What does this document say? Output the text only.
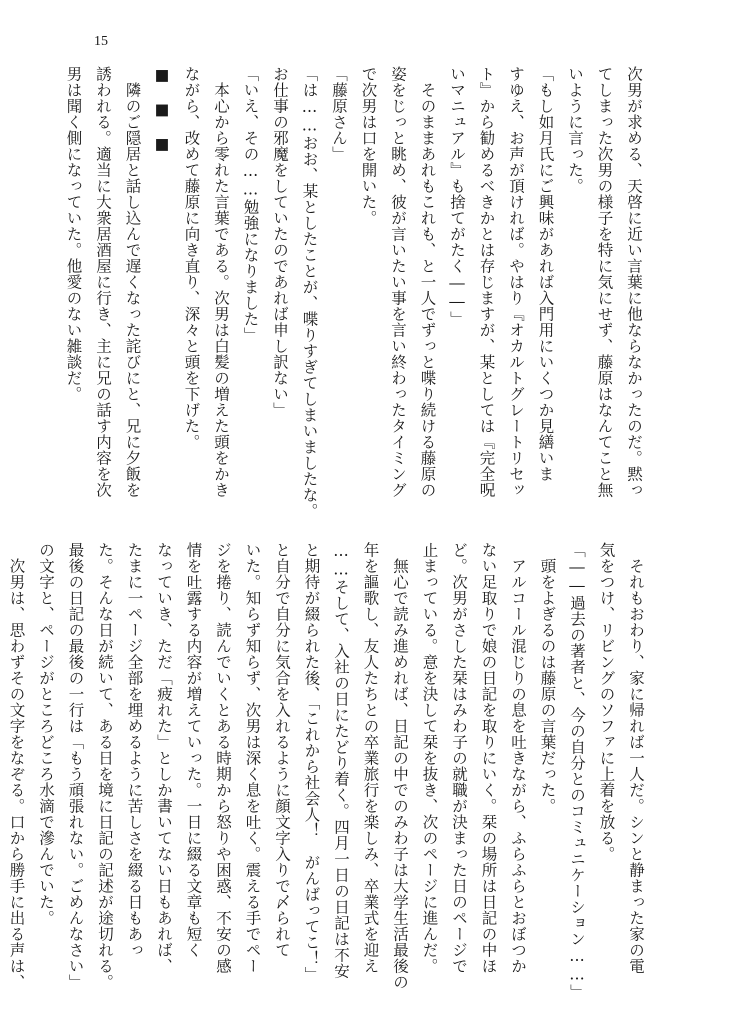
15
次男が求める、天啓に近い言葉に他ならなかったのだ。黙っ
てしまった次男の様子を特に気にせず、藤原はなんてこと無
いように言った。
「もし如月氏にご興味があれば入門用にいくつか見繕いま
すゆえ、お声が頂ければ。やはり『オカルトグレートリセッ
ト』から勧めるべきかとは存じますが、某としては『完全呪
いマニュアル』も捨てがたく――」
　そのままあれもこれも、と一人でずっと喋り続ける藤原の
姿をじっと眺め、彼が言いたい事を言い終わったタイミング
で次男は口を開いた。
「藤原さん」
「は……おお、某としたことが、喋りすぎてしまいましたな。
お仕事の邪魔をしていたのであれば申し訳ない」
「いえ、その……勉強になりました」
　本心から零れた言葉である。次男は白髪の増えた頭をかき
ながら、改めて藤原に向き直り、深々と頭を下げた。
■　■　■
　隣のご隠居と話し込んで遅くなった詫びにと、兄に夕飯を
誘われる。適当に大衆居酒屋に行き、主に兄の話す内容を次
男は聞く側になっていた。他愛のない雑談だ。
　それもおわり、家に帰れば一人だ。シンと静まった家の電
気をつけ、リビングのソファに上着を放る。
「――過去の著者と、今の自分とのコミュニケーション……」
　頭をよぎるのは藤原の言葉だった。
　アルコール混じりの息を吐きながら、ふらふらとおぼつか
ない足取りで娘の日記を取りにいく。栞の場所は日記の中ほ
ど。次男がさした栞はみわ子の就職が決まった日のページで
止まっている。意を決して栞を抜き、次のページに進んだ。
　無心で読み進めれば、日記の中でのみわ子は大学生活最後の
年を謳歌し、友人たちとの卒業旅行を楽しみ、卒業式を迎え
……そして、入社の日にたどり着く。四月一日の日記は不安
と期待が綴られた後、「これから社会人！　がんばってこ！」
と自分で自分に気合を入れるように顔文字入りで〆られて
いた。知らず知らず、次男は深く息を吐く。震える手でペー
ジを捲り、読んでいくとある時期から怒りや困惑、不安の感
情を吐露する内容が増えていった。一日に綴る文章も短く
なっていき、ただ「疲れた」としか書いてない日もあれば、
たまに一ページ全部を埋めるように苦しさを綴る日もあっ
た。そんな日が続いて、ある日を境に日記の記述が途切れる。
最後の日記の最後の一行は「もう頑張れない。ごめんなさい」
の文字と、ページがところどころ水滴で滲んでいた。
　次男は、思わずその文字をなぞる。口から勝手に出る声は、
